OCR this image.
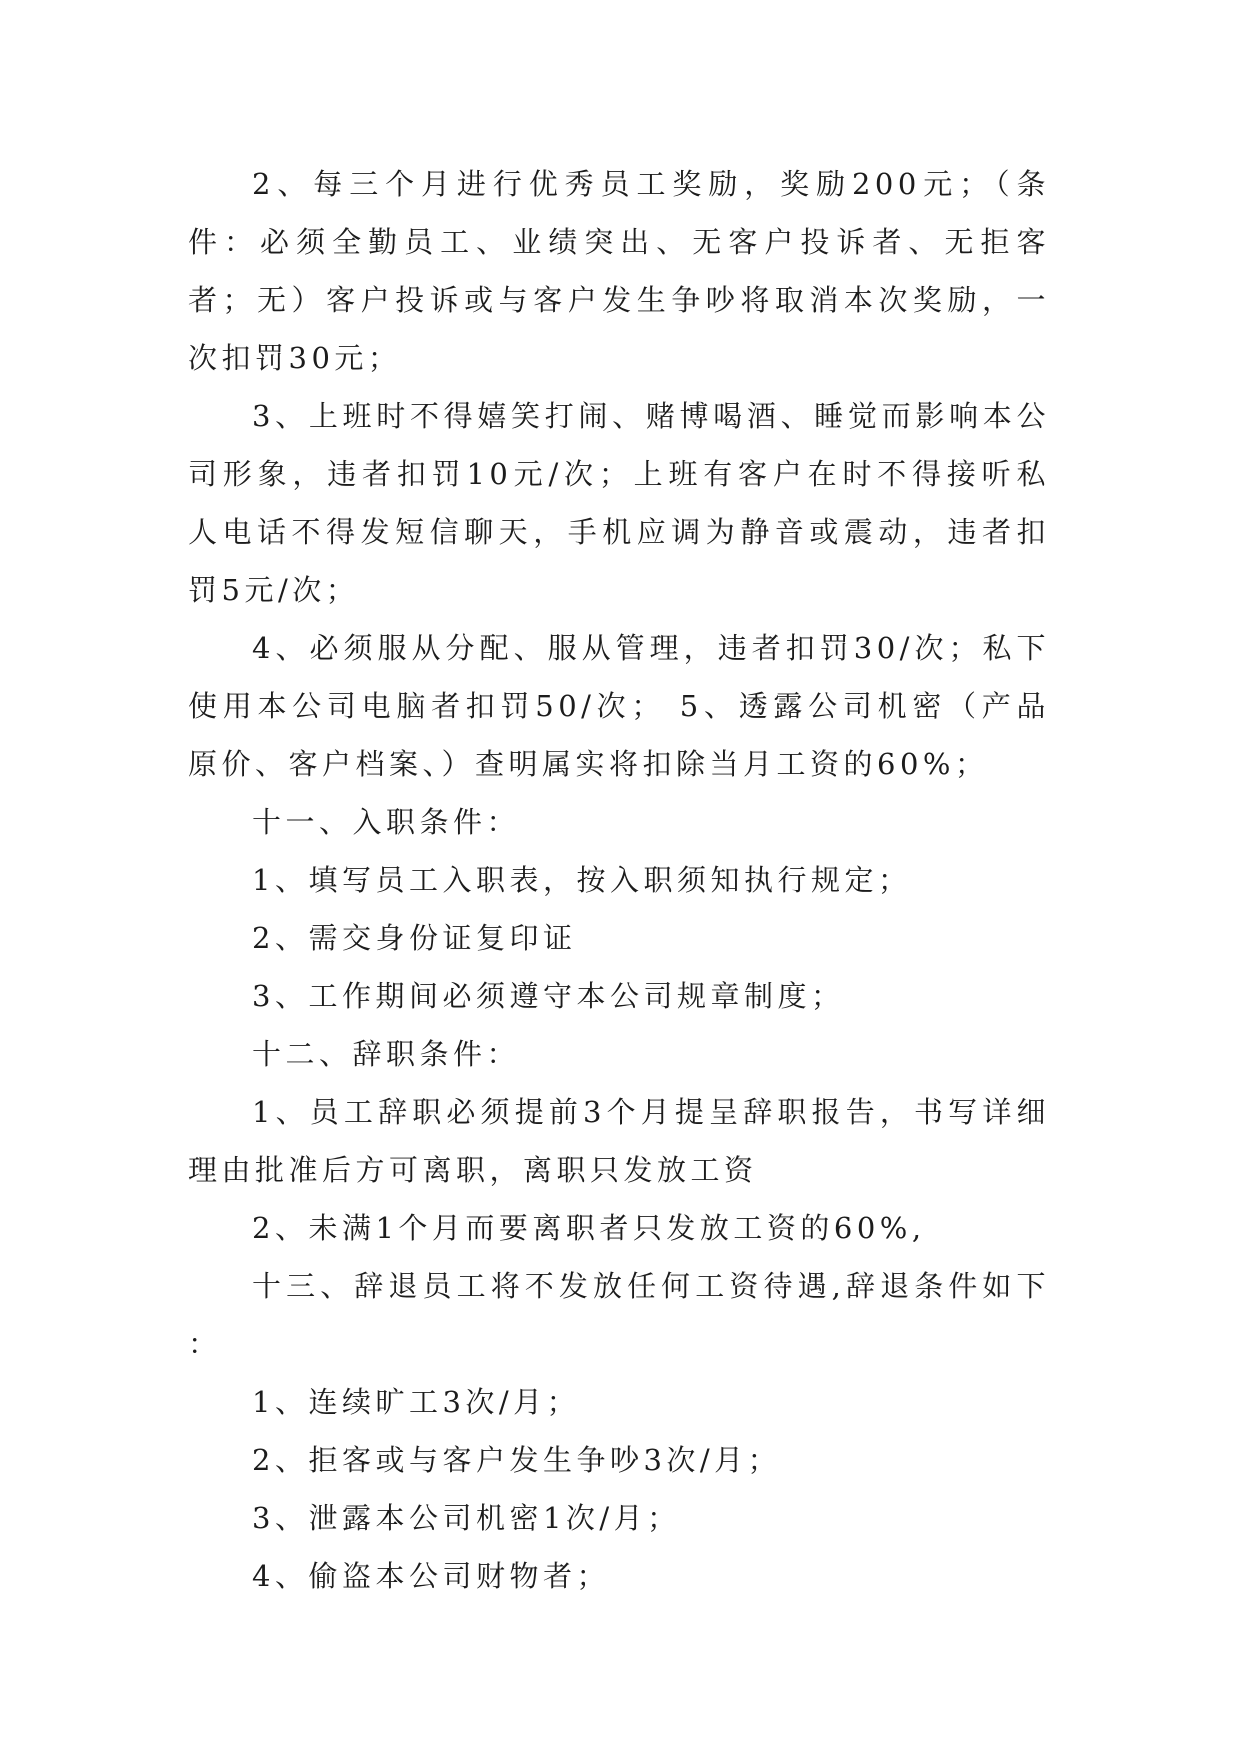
2、每三个月进行优秀员工奖励，奖励200元；（条件：必须全勤员工、业绩突出、无客户投诉者、无拒客者；无）客户投诉或与客户发生争吵将取消本次奖励，一次扣罚30元；

3、上班时不得嬉笑打闹、赌博喝酒、睡觉而影响本公司形象，违者扣罚10元/次；上班有客户在时不得接听私人电话不得发短信聊天，手机应调为静音或震动，违者扣罚5元/次；

4、必须服从分配、服从管理，违者扣罚30/次；私下使用本公司电脑者扣罚50/次； 5、透露公司机密（产品原价、客户档案、）查明属实将扣除当月工资的60%；

十一、入职条件：

1、填写员工入职表，按入职须知执行规定；

2、需交身份证复印证

3、工作期间必须遵守本公司规章制度；

十二、辞职条件：

1、员工辞职必须提前3个月提呈辞职报告，书写详细理由批准后方可离职，离职只发放工资

2、未满1个月而要离职者只发放工资的60%,

十三、辞退员工将不发放任何工资待遇,辞退条件如下 ：

1、连续旷工3次/月；

2、拒客或与客户发生争吵3次/月；

3、泄露本公司机密1次/月；

4、偷盗本公司财物者；
